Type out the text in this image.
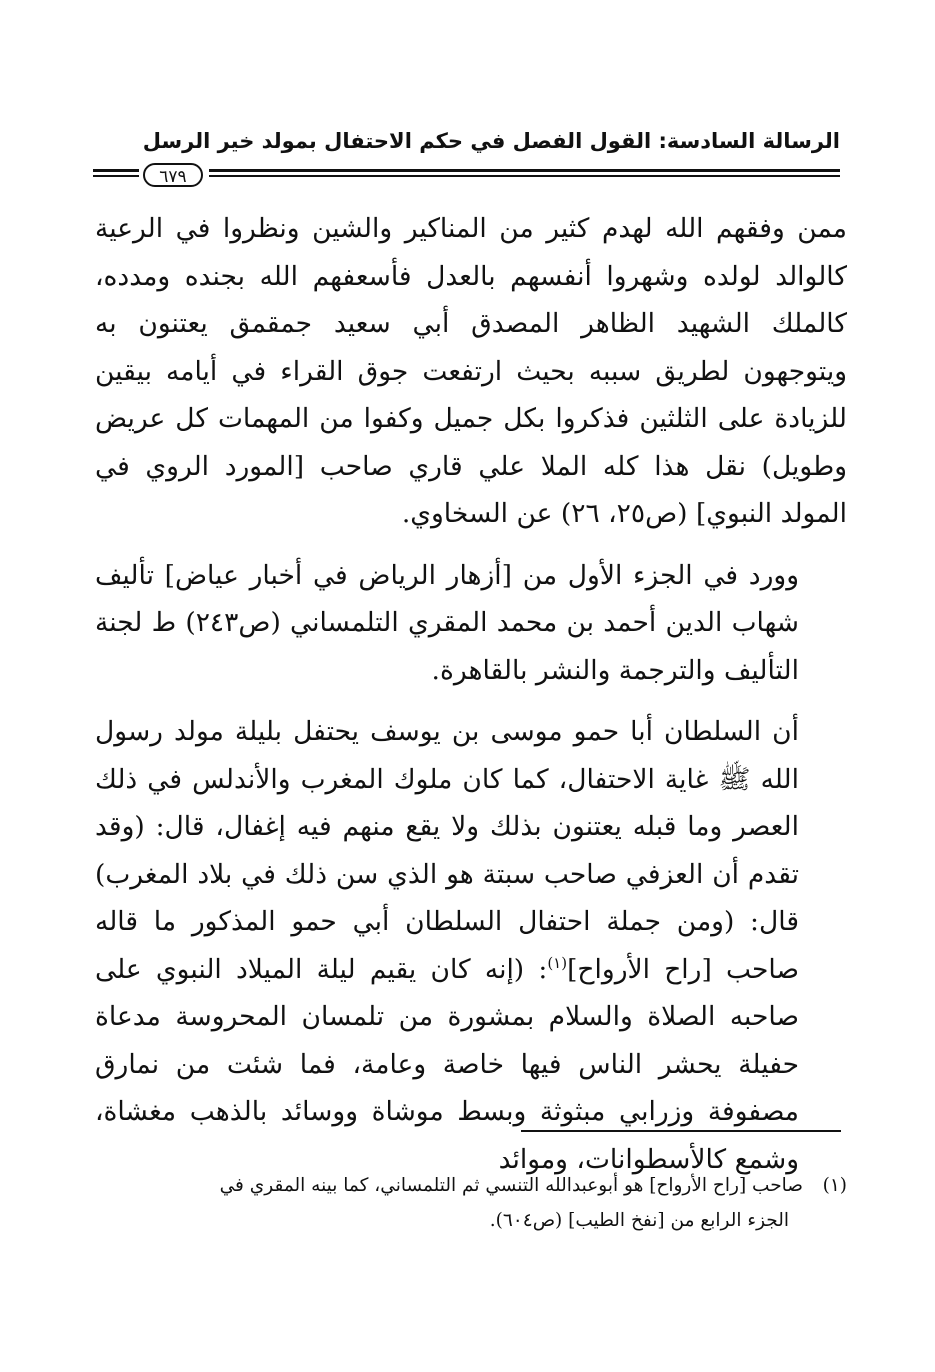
الرسالة السادسة: القول الفصل في حكم الاحتفال بمولد خير الرسل
٦٧٩

ممن وفقهم الله لهدم كثير من المناكير والشين ونظروا في الرعية كالوالد لولده وشهروا أنفسهم بالعدل فأسعفهم الله بجنده ومدده، كالملك الشهيد الظاهر المصدق أبي سعيد جمقمق يعتنون به ويتوجهون لطريق سببه بحيث ارتفعت جوق القراء في أيامه بيقين للزيادة على الثلثين فذكروا بكل جميل وكفوا من المهمات كل عريض وطويل) نقل هذا كله الملا علي قاري صاحب [المورد الروي في المولد النبوي] (ص٢٥، ٢٦) عن السخاوي.

وورد في الجزء الأول من [أزهار الرياض في أخبار عياض] تأليف شهاب الدين أحمد بن محمد المقري التلمساني (ص٢٤٣) ط لجنة التأليف والترجمة والنشر بالقاهرة.

أن السلطان أبا حمو موسى بن يوسف يحتفل بليلة مولد رسول الله ﷺ غاية الاحتفال، كما كان ملوك المغرب والأندلس في ذلك العصر وما قبله يعتنون بذلك ولا يقع منهم فيه إغفال، قال: (وقد تقدم أن العزفي صاحب سبتة هو الذي سن ذلك في بلاد المغرب) قال: (ومن جملة احتفال السلطان أبي حمو المذكور ما قاله صاحب [راح الأرواح]$^{(١)}$: (إنه كان يقيم ليلة الميلاد النبوي على صاحبه الصلاة والسلام بمشورة من تلمسان المحروسة مدعاة حفيلة يحشر الناس فيها خاصة وعامة، فما شئت من نمارق مصفوفة وزرابي مبثوثة وبسط موشاة ووسائد بالذهب مغشاة، وشمع كالأسطوانات، وموائد

(١)صاحب [راح الأرواح] هو أبوعبدالله التنسي ثم التلمساني، كما بينه المقري في
الجزء الرابع من [نفخ الطيب] (ص٦٠٤).
